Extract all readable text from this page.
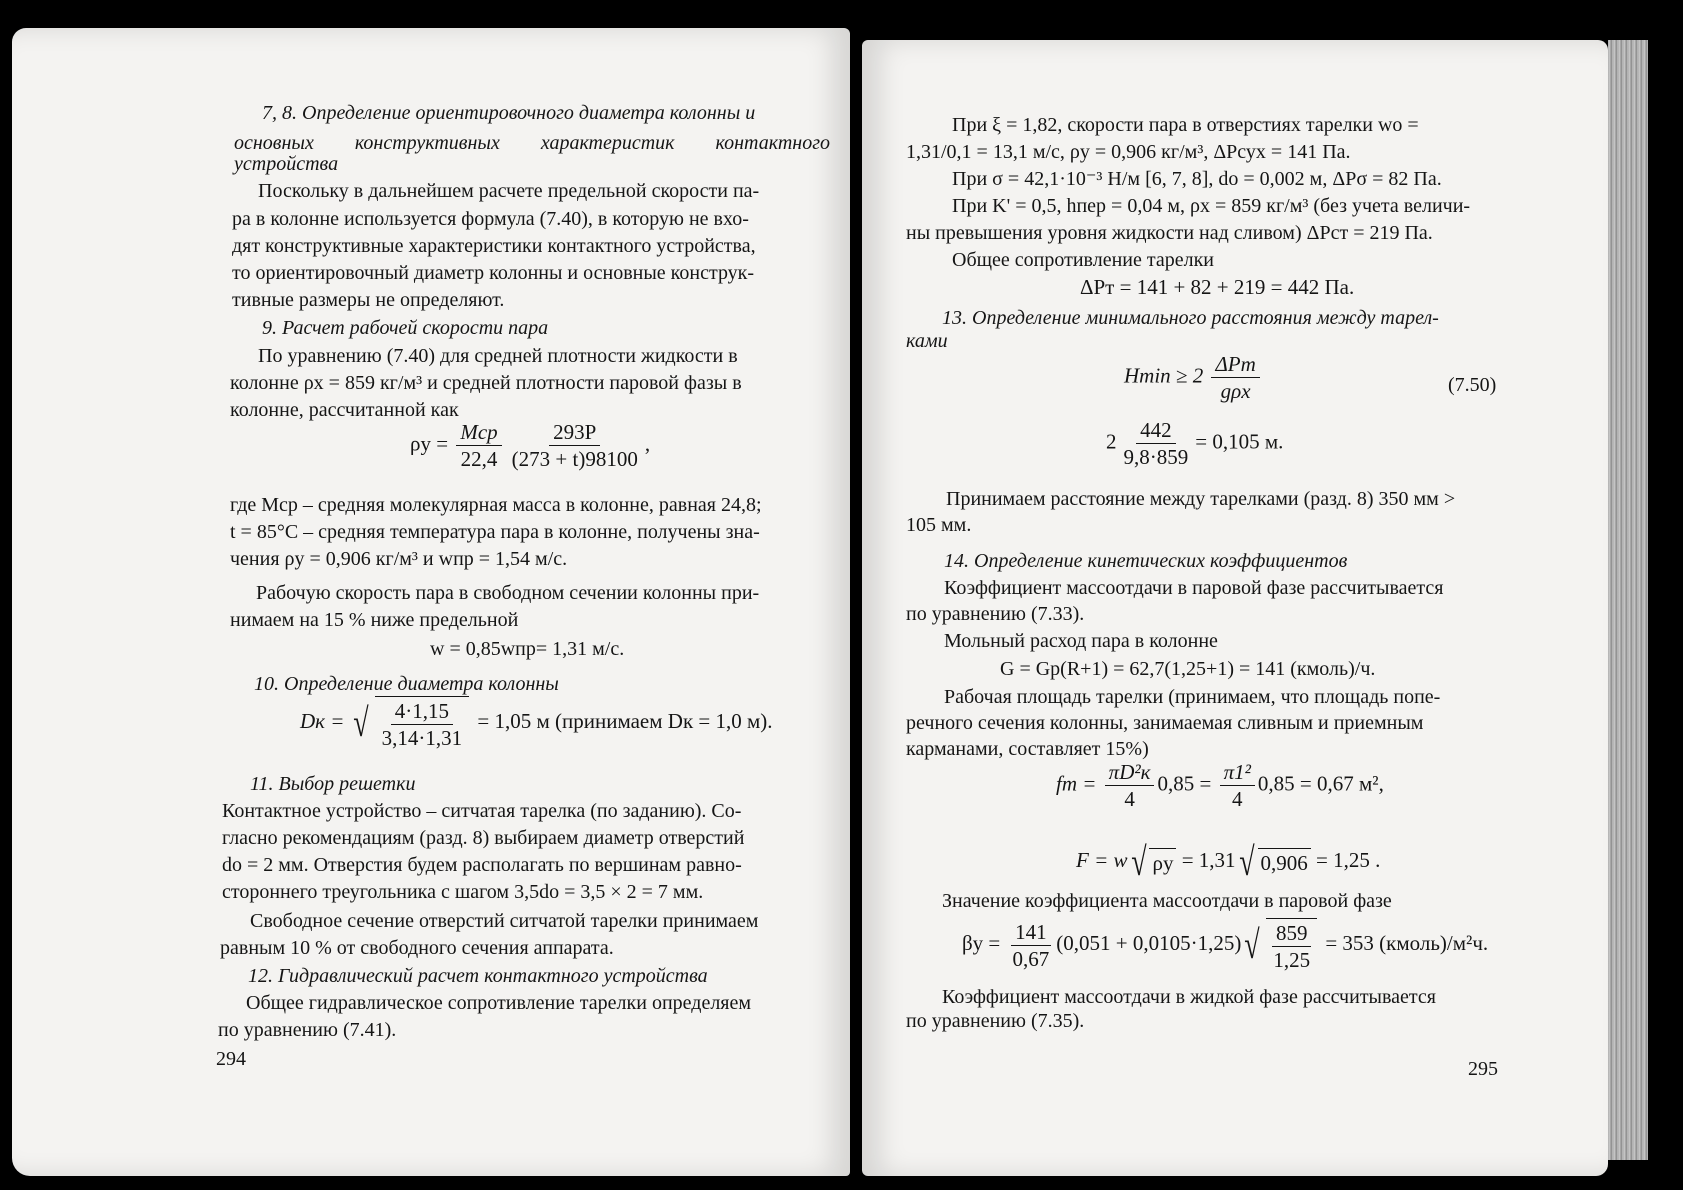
7, 8. Определение ориентировочного диаметра колонны и
основных конструктивных характеристик контактного
устройства
Поскольку в дальнейшем расчете предельной скорости па-
ра в колонне используется формула (7.40), в которую не вхо-
дят конструктивные характеристики контактного устройства,
то ориентировочный диаметр колонны и основные конструк-
тивные размеры не определяют.
9. Расчет рабочей скорости пара
По уравнению (7.40) для средней плотности жидкости в
колонне ρx = 859 кг/м³ и средней плотности паровой фазы в
колонне, рассчитанной как
$\rho y = \frac{\text{Mср}}{22,4} \frac{293P}{(273 + t)98100}$ ,
где Mср – средняя молекулярная масса в колонне, равная 24,8;
t = 85°С – средняя температура пара в колонне, получены зна-
чения ρy = 0,906 кг/м³ и wпр = 1,54 м/с.
Рабочую скорость пара в свободном сечении колонны при-
нимаем на 15 % ниже предельной
w = 0,85wпр= 1,31 м/с.
10. Определение диаметра колонны
Dк = √ $\frac{4\cdot 1,15}{3,14\cdot 1,31} = 1,05$ м (принимаем Dк = 1,0 м).
11. Выбор решетки
Контактное устройство – ситчатая тарелка (по заданию). Со-
гласно рекомендациям (разд. 8) выбираем диаметр отверстий
dо = 2 мм. Отверстия будем располагать по вершинам равно-
стороннего треугольника с шагом 3,5dо = 3,5 × 2 = 7 мм.
Свободное сечение отверстий ситчатой тарелки принимаем
равным 10 % от свободного сечения аппарата.
12. Гидравлический расчет контактного устройства
Общее гидравлическое сопротивление тарелки определяем
по уравнению (7.41).
294
При ξ = 1,82, скорости пара в отверстиях тарелки wо =
1,31/0,1 = 13,1 м/с, ρy = 0,906 кг/м³, ΔPсух = 141 Па.
При σ = 42,1·10⁻³ Н/м [6, 7, 8], dо = 0,002 м, ΔPσ = 82 Па.
При K' = 0,5, hпер = 0,04 м, ρx = 859 кг/м³ (без учета величи-
ны превышения уровня жидкости над сливом) ΔPст = 219 Па.
Общее сопротивление тарелки
ΔPт = 141 + 82 + 219 = 442 Па.
13. Определение минимального расстояния между тарел-
ками
$Hmin \ge 2 \frac{\text{ΔPт}}{\text{gρx}}$	(7.50)
$2 \frac{442}{9,8\cdot 859} = 0,105$ м.
Принимаем расстояние между тарелками (разд. 8) 350 мм >
105 мм.
14. Определение кинетических коэффициентов
Коэффициент массоотдачи в паровой фазе рассчитывается
по уравнению (7.33).
Мольный расход пара в колонне
G = Gр(R+1) = 62,7(1,25+1) = 141 (кмоль)/ч.
Рабочая площадь тарелки (принимаем, что площадь попе-
речного сечения колонны, занимаемая сливным и приемным
карманами, составляет 15%)
fт = $\frac{\text{πD²к}}{4} 0,85 = \frac{\text{π1²}}{4} 0,85 = 0,67$ м²,
F = w √ ρy = 1,31 √ 0,906 = 1,25 .
Значение коэффициента массоотдачи в паровой фазе
$\beta y = \frac{141}{0,67} (0,051 + 0,0105\cdot 1,25)$ √ $\frac{859}{1,25} = 353$ (кмоль)/м²ч.
Коэффициент массоотдачи в жидкой фазе рассчитывается
по уравнению (7.35).
295
